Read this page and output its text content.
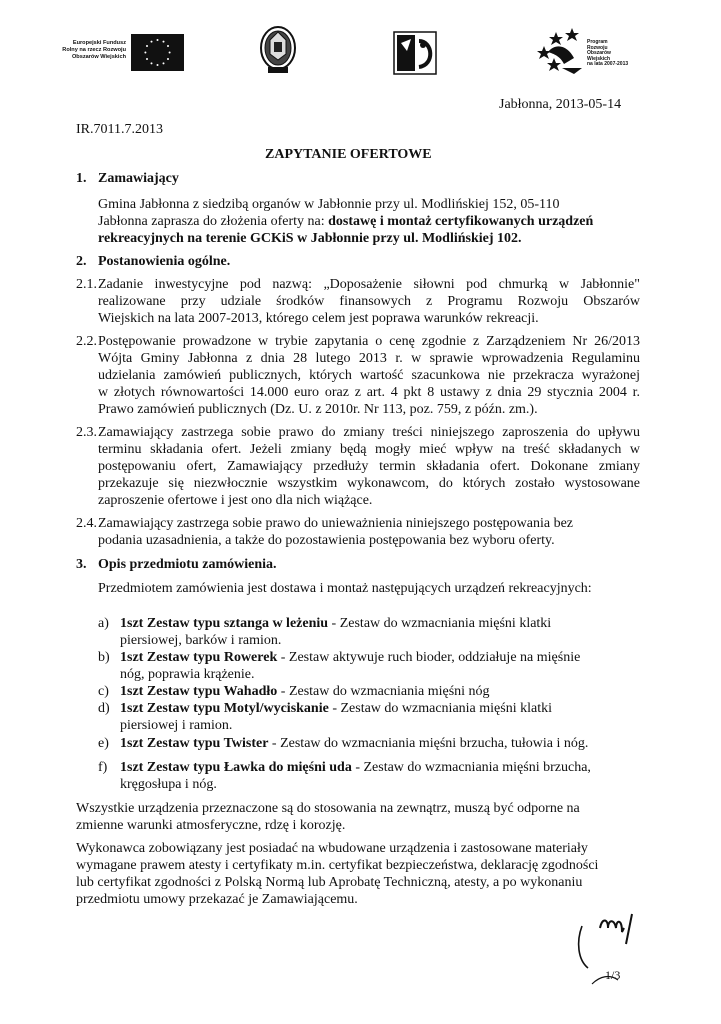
Europejski Fundusz
Rolny na rzecz Rozwoju
Obszarów Wiejskich
Program
Rozwoju
Obszarów
Wiejskich
na lata 2007-2013
Jabłonna, 2013-05-14
IR.7011.7.2013
ZAPYTANIE OFERTOWE
1. Zamawiający
Gmina Jabłonna z siedzibą organów w Jabłonnie przy ul. Modlińskiej 152, 05-110
Jabłonna zaprasza do złożenia oferty na: dostawę i montaż certyfikowanych urządzeń
rekreacyjnych na terenie GCKiS w Jabłonnie przy ul. Modlińskiej 102.
2. Postanowienia ogólne.
2.1. Zadanie inwestycyjne pod nazwą: „Doposażenie siłowni pod chmurką w Jabłonnie"
realizowane przy udziale środków finansowych z Programu Rozwoju Obszarów
Wiejskich na lata 2007-2013, którego celem jest poprawa warunków rekreacji.
2.2. Postępowanie prowadzone w trybie zapytania o cenę zgodnie z Zarządzeniem Nr 26/2013
Wójta Gminy Jabłonna z dnia 28 lutego 2013 r. w sprawie wprowadzenia Regulaminu
udzielania zamówień publicznych, których wartość szacunkowa nie przekracza wyrażonej
w złotych równowartości 14.000 euro oraz z art. 4 pkt 8 ustawy z dnia 29 stycznia 2004 r.
Prawo zamówień publicznych (Dz. U. z 2010r. Nr 113, poz. 759, z późn. zm.).
2.3. Zamawiający zastrzega sobie prawo do zmiany treści niniejszego zaproszenia do upływu
terminu składania ofert. Jeżeli zmiany będą mogły mieć wpływ na treść składanych w
postępowaniu ofert, Zamawiający przedłuży termin składania ofert. Dokonane zmiany
przekazuje się niezwłocznie wszystkim wykonawcom, do których zostało wystosowane
zaproszenie ofertowe i jest ono dla nich wiążące.
2.4. Zamawiający zastrzega sobie prawo do unieważnienia niniejszego postępowania bez
podania uzasadnienia, a także do pozostawienia postępowania bez wyboru oferty.
3. Opis przedmiotu zamówienia.
Przedmiotem zamówienia jest dostawa i montaż następujących urządzeń rekreacyjnych:
a) 1szt Zestaw typu sztanga w leżeniu - Zestaw do wzmacniania mięśni klatki
piersiowej, barków i ramion.
b) 1szt Zestaw typu Rowerek - Zestaw aktywuje ruch bioder, oddziałuje na mięśnie
nóg, poprawia krążenie.
c) 1szt Zestaw typu Wahadło - Zestaw do wzmacniania mięśni nóg
d) 1szt Zestaw typu Motyl/wyciskanie - Zestaw do wzmacniania mięśni klatki
piersiowej i ramion.
e) 1szt Zestaw typu Twister - Zestaw do wzmacniania mięśni brzucha, tułowia i nóg.
f) 1szt Zestaw typu Ławka do mięśni uda - Zestaw do wzmacniania mięśni brzucha,
kręgosłupa i nóg.
Wszystkie urządzenia przeznaczone są do stosowania na zewnątrz, muszą być odporne na
zmienne warunki atmosferyczne, rdzę i korozję.
Wykonawca zobowiązany jest posiadać na wbudowane urządzenia i zastosowane materiały
wymagane prawem atesty i certyfikaty m.in. certyfikat bezpieczeństwa, deklarację zgodności
lub certyfikat zgodności z Polską Normą lub Aprobatę Techniczną, atesty, a po wykonaniu
przedmiotu umowy przekazać je Zamawiającemu.
1/3
